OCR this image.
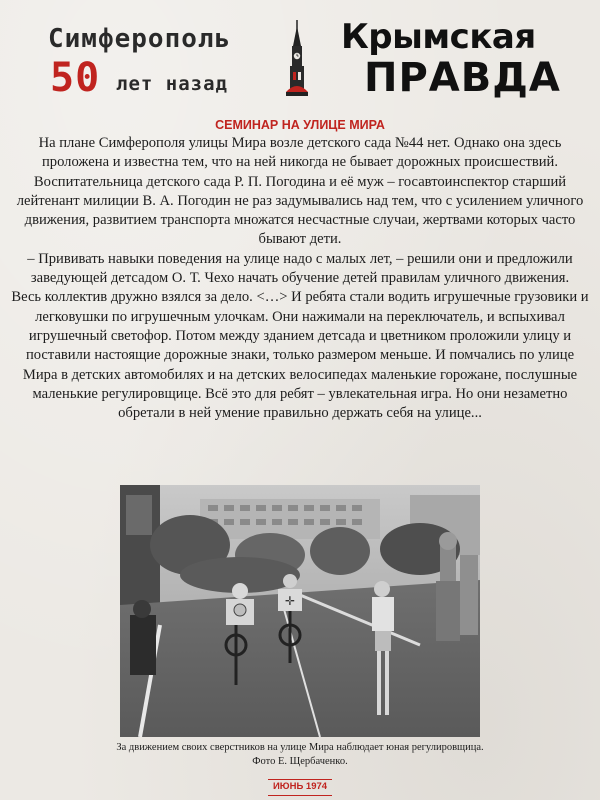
Симферополь
50 лет назад
Крымская
ПРАВДА
СЕМИНАР НА УЛИЦЕ МИРА

На плане Симферополя улицы Мира возле детского сада №44 нет. Однако она здесь проложена и известна тем, что на ней никогда не бывает дорожных происшествий. Воспитательница детского сада Р. П. Погодина и её муж – госавтоинспектор старший лейтенант милиции В. А. Погодин не раз задумывались над тем, что с усилением уличного движения, развитием транспорта множатся несчастные случаи, жертвами которых часто бывают дети.

– Прививать навыки поведения на улице надо с малых лет, – решили они и предложили заведующей детсадом О. Т. Чехо начать обучение детей правилам уличного движения.

Весь коллектив дружно взялся за дело. <…> И ребята стали водить игрушечные грузовики и легковушки по игрушечным улочкам. Они нажимали на переключатель, и вспыхивал игрушечный светофор. Потом между зданием детсада и цветником проложили улицу и поставили настоящие дорожные знаки, только размером меньше. И помчались по улице Мира в детских автомобилях и на детских велосипедах маленькие горожане, послушные маленькие регулировщице. Всё это для ребят – увлекательная игра. Но они незаметно обретали в ней умение правильно держать себя на улице...

✛
За движением своих сверстников на улице Мира наблюдает юная регулировщица.
Фото Е. Щербаченко.
ИЮНЬ 1974
